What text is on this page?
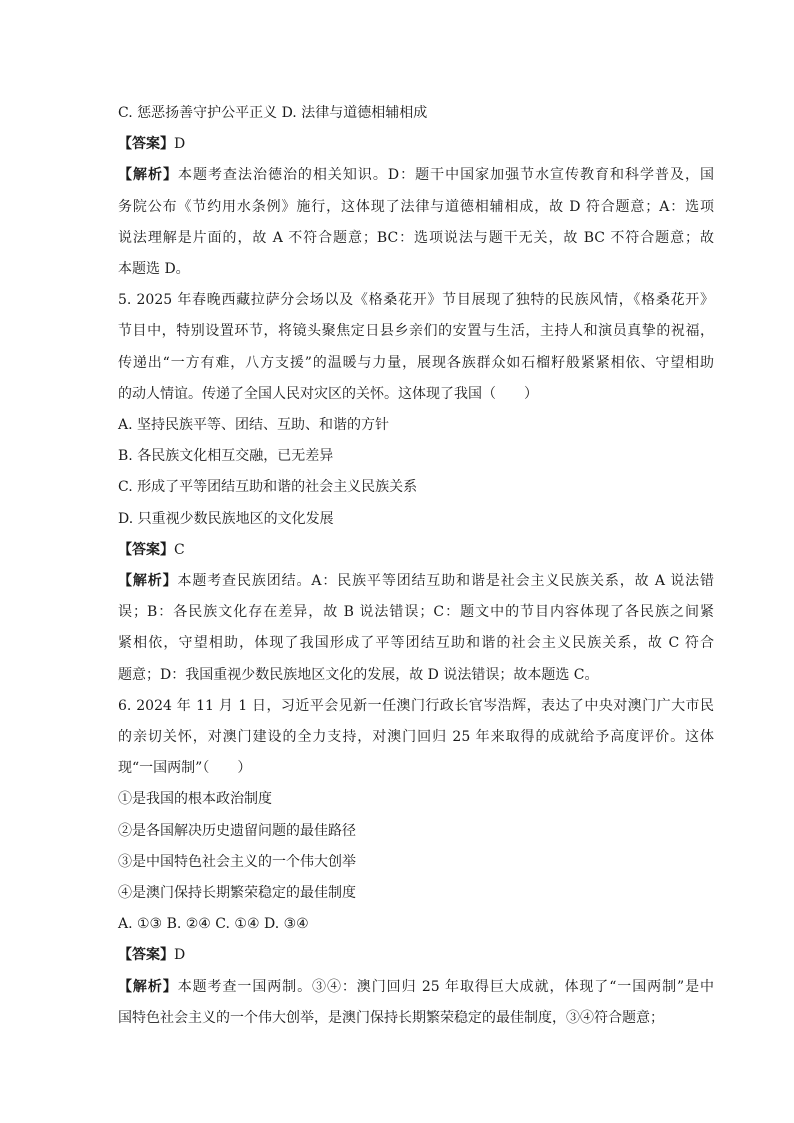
C. 惩恶扬善守护公平正义 D. 法律与道德相辅相成
【答案】D
【解析】本题考查法治德治的相关知识。D：题干中国家加强节水宣传教育和科学普及，国
务院公布《节约用水条例》施行，这体现了法律与道德相辅相成，故 D 符合题意；A：选项
说法理解是片面的，故 A 不符合题意；BC：选项说法与题干无关，故 BC 不符合题意；故
本题选 D。
5. 2025 年春晚西藏拉萨分会场以及《格桑花开》节目展现了独特的民族风情，《格桑花开》
节目中，特别设置环节，将镜头聚焦定日县乡亲们的安置与生活，主持人和演员真挚的祝福，
传递出“一方有难，八方支援”的温暖与力量，展现各族群众如石榴籽般紧紧相依、守望相助
的动人情谊。传递了全国人民对灾区的关怀。这体现了我国（　　）
A. 坚持民族平等、团结、互助、和谐的方针
B. 各民族文化相互交融，已无差异
C. 形成了平等团结互助和谐的社会主义民族关系
D. 只重视少数民族地区的文化发展
【答案】C
【解析】本题考查民族团结。A：民族平等团结互助和谐是社会主义民族关系，故 A 说法错
误；B：各民族文化存在差异，故 B 说法错误；C：题文中的节目内容体现了各民族之间紧
紧相依，守望相助，体现了我国形成了平等团结互助和谐的社会主义民族关系，故 C 符合
题意；D：我国重视少数民族地区文化的发展，故 D 说法错误；故本题选 C。
6. 2024 年 11 月 1 日，习近平会见新一任澳门行政长官岑浩辉，表达了中央对澳门广大市民
的亲切关怀，对澳门建设的全力支持，对澳门回归 25 年来取得的成就给予高度评价。这体
现“一国两制”（　　）
①是我国的根本政治制度
②是各国解决历史遗留问题的最佳路径
③是中国特色社会主义的一个伟大创举
④是澳门保持长期繁荣稳定的最佳制度
A. ①③ B. ②④ C. ①④ D. ③④
【答案】D
【解析】本题考查一国两制。③④：澳门回归 25 年取得巨大成就，体现了“一国两制”是中
国特色社会主义的一个伟大创举，是澳门保持长期繁荣稳定的最佳制度，③④符合题意；
